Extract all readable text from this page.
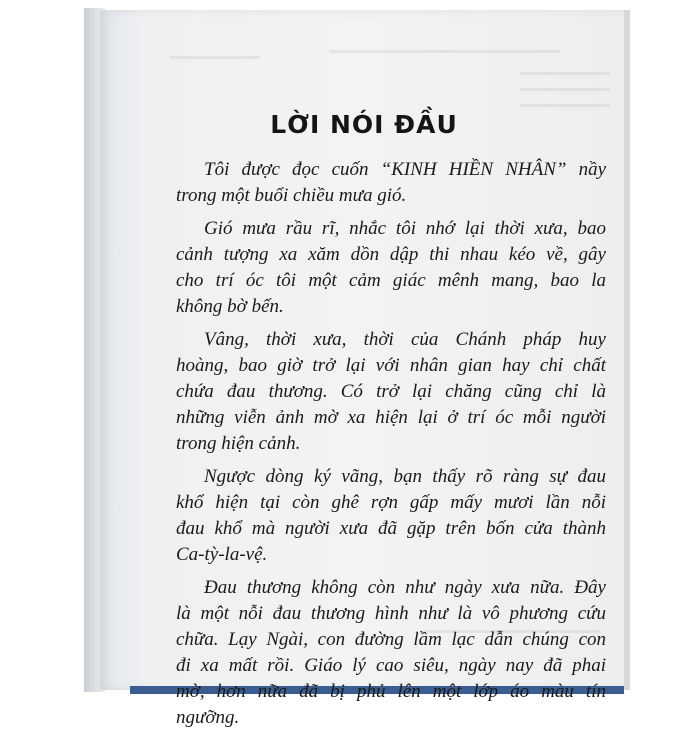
LỜI NÓI ĐẦU
Tôi được đọc cuốn “KINH HIỀN NHÂN” nầy
trong một buổi chiều mưa gió.
Gió mưa rầu rĩ, nhắc tôi nhớ lại thời xưa, bao
cảnh tượng xa xăm dồn dập thi nhau kéo về, gây
cho trí óc tôi một cảm giác mênh mang, bao la
không bờ bến.
Vâng, thời xưa, thời của Chánh pháp huy
hoàng, bao giờ trở lại với nhân gian hay chỉ chất
chứa đau thương. Có trở lại chăng cũng chỉ là
những viễn ảnh mờ xa hiện lại ở trí óc mỗi người
trong hiện cảnh.
Ngược dòng ký vãng, bạn thấy rõ ràng sự đau
khổ hiện tại còn ghê rợn gấp mấy mươi lần nỗi
đau khổ mà người xưa đã gặp trên bốn cửa thành
Ca-tỳ-la-vệ.
Đau thương không còn như ngày xưa nữa. Đây
là một nỗi đau thương hình như là vô phương cứu
chữa. Lạy Ngài, con đường lầm lạc dẫn chúng con
đi xa mất rồi. Giáo lý cao siêu, ngày nay đã phai
mờ, hơn nữa đã bị phủ lên một lớp áo màu tín
ngưỡng.
